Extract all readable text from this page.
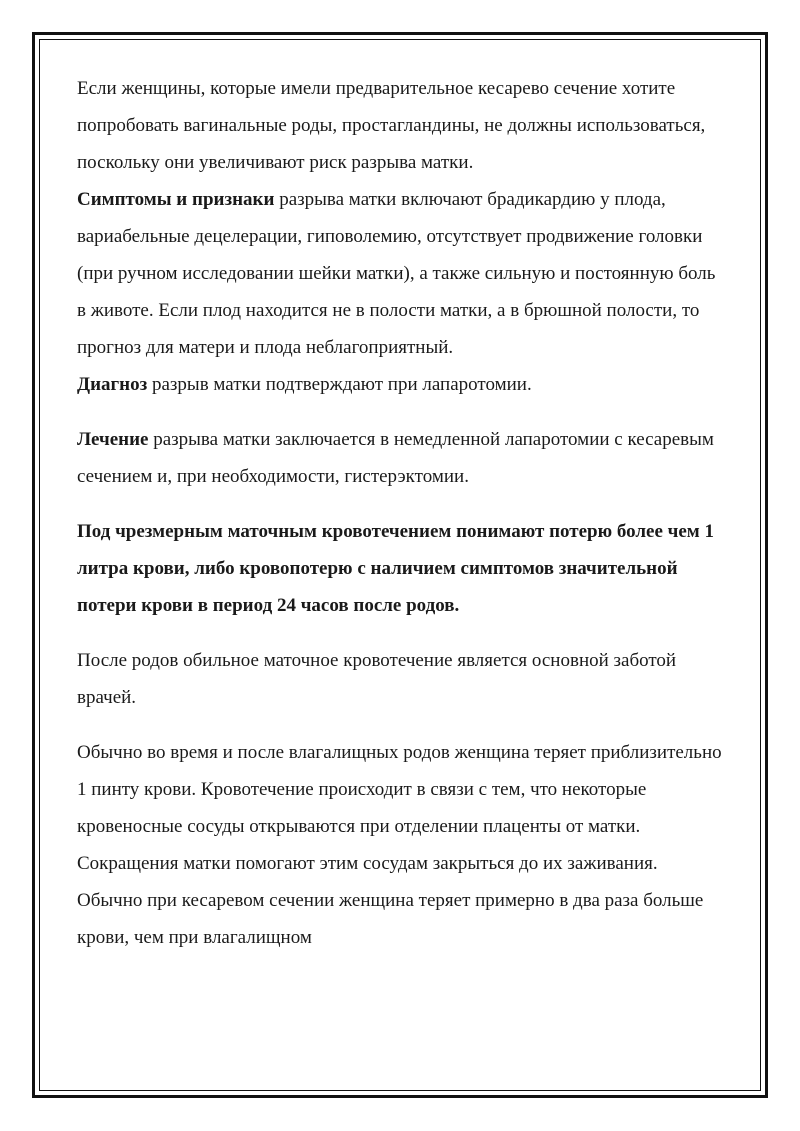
Если женщины, которые имели предварительное кесарево сечение хотите попробовать вагинальные роды, простагландины, не должны использоваться, поскольку они увеличивают риск разрыва матки.

Симптомы и признаки разрыва матки включают брадикардию у плода, вариабельные децелерации, гиповолемию, отсутствует продвижение головки (при ручном исследовании шейки матки), а также сильную и постоянную боль в животе. Если плод находится не в полости матки, а в брюшной полости, то прогноз для матери и плода неблагоприятный.

Диагноз разрыв матки подтверждают при лапаротомии.

Лечение разрыва матки заключается в немедленной лапаротомии с кесаревым сечением и, при необходимости, гистерэктомии.

Под чрезмерным маточным кровотечением понимают потерю более чем 1 литра крови, либо кровопотерю с наличием симптомов значительной потери крови в период 24 часов после родов.

После родов обильное маточное кровотечение является основной заботой врачей.

Обычно во время и после влагалищных родов женщина теряет приблизительно 1 пинту крови. Кровотечение происходит в связи с тем, что некоторые кровеносные сосуды открываются при отделении плаценты от матки. Сокращения матки помогают этим сосудам закрыться до их заживания. Обычно при кесаревом сечении женщина теряет примерно в два раза больше крови, чем при влагалищном
